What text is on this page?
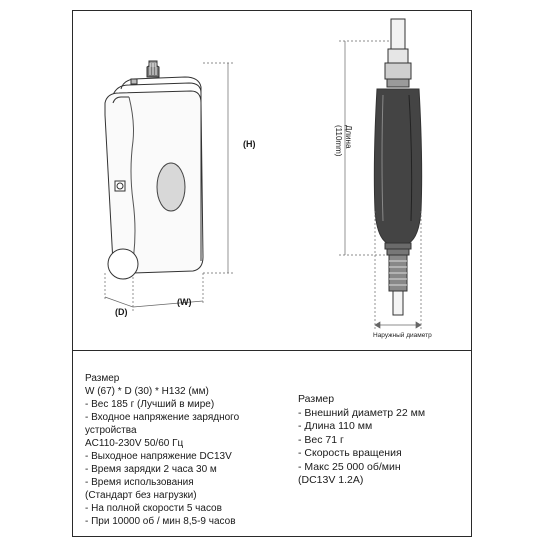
(H)
(D)
(W)
Длина
(110mm)
Наружный диаметр
Размер
W (67) * D (30) * H132 (мм)
- Вес 185 г (Лучший в мире)
- Входное напряжение зарядного
устройства
AC110-230V 50/60 Гц
- Выходное напряжение DC13V
- Время зарядки 2 часа 30 м
- Время использования
(Стандарт без нагрузки)
- На полной скорости 5 часов
- При 10000 об / мин 8,5-9 часов
Размер
- Внешний диаметр 22 мм
- Длина 110 мм
- Вес 71 г
- Скорость вращения
- Макс 25 000 об/мин
(DC13V 1.2A)
